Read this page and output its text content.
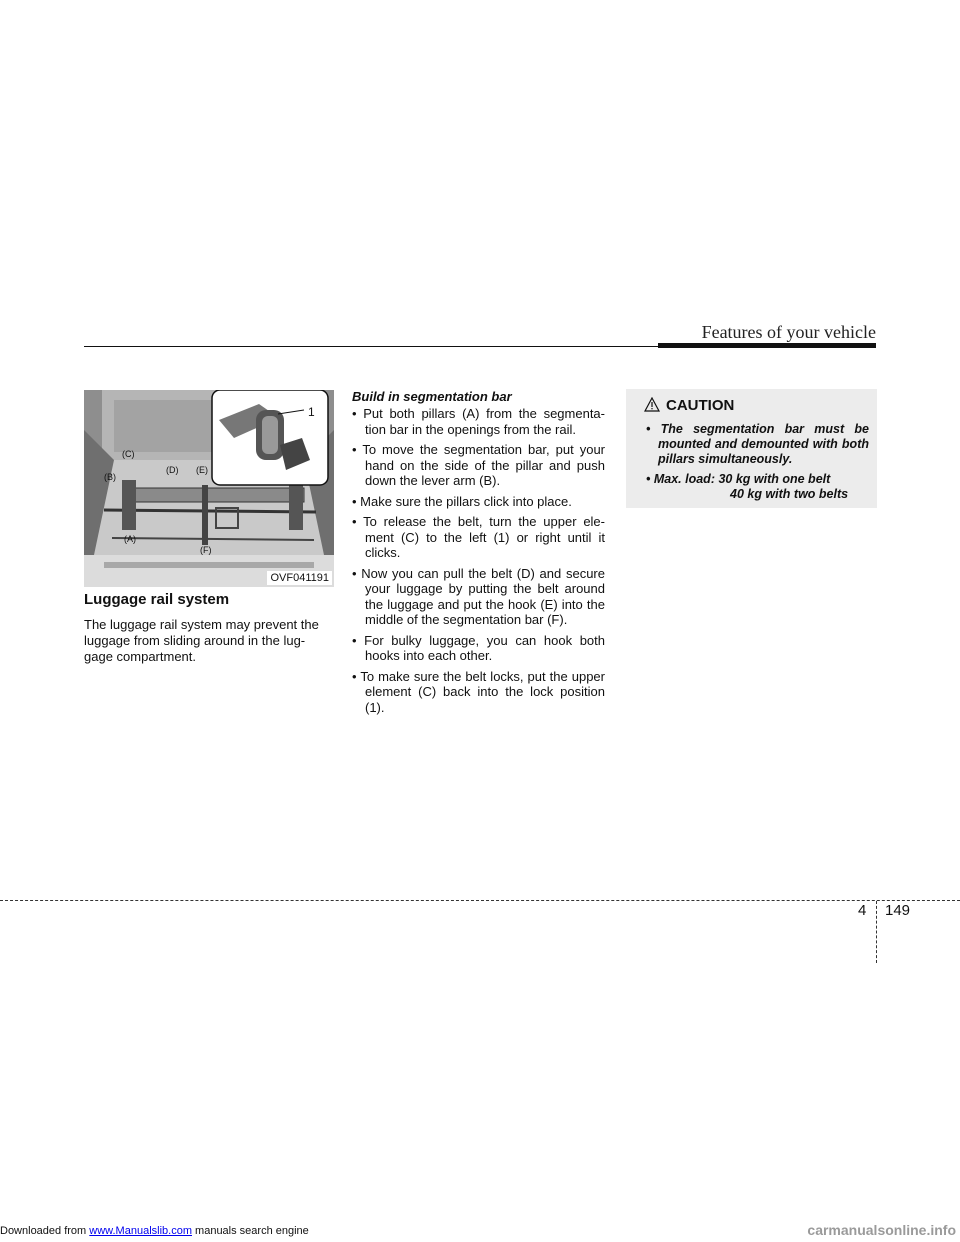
Features of your vehicle
1
(C)
(B)
(D) (E)
(A)
(F)
OVF041191
Luggage rail system
The luggage rail system may prevent the luggage from sliding around in the lug- gage compartment.
Build in segmentation bar
• Put both pillars (A) from the segmenta- tion bar in the openings from the rail.
• To move the segmentation bar, put your hand on the side of the pillar and push down the lever arm (B).
• Make sure the pillars click into place.
• To release the belt, turn the upper ele- ment (C) to the left (1) or right until it clicks.
• Now you can pull the belt (D) and secure your luggage by putting the belt around the luggage and put the hook (E) into the middle of the segmentation bar (F).
• For bulky luggage, you can hook both hooks into each other.
• To make sure the belt locks, put the upper element (C) back into the lock position (1).
CAUTION
• The segmentation bar must be mounted and demounted with both pillars simultaneously.
• Max. load: 30 kg with one belt
40 kg with two belts
4 149
Downloaded from www.Manualslib.com manuals search engine	carmanualsonline.info
